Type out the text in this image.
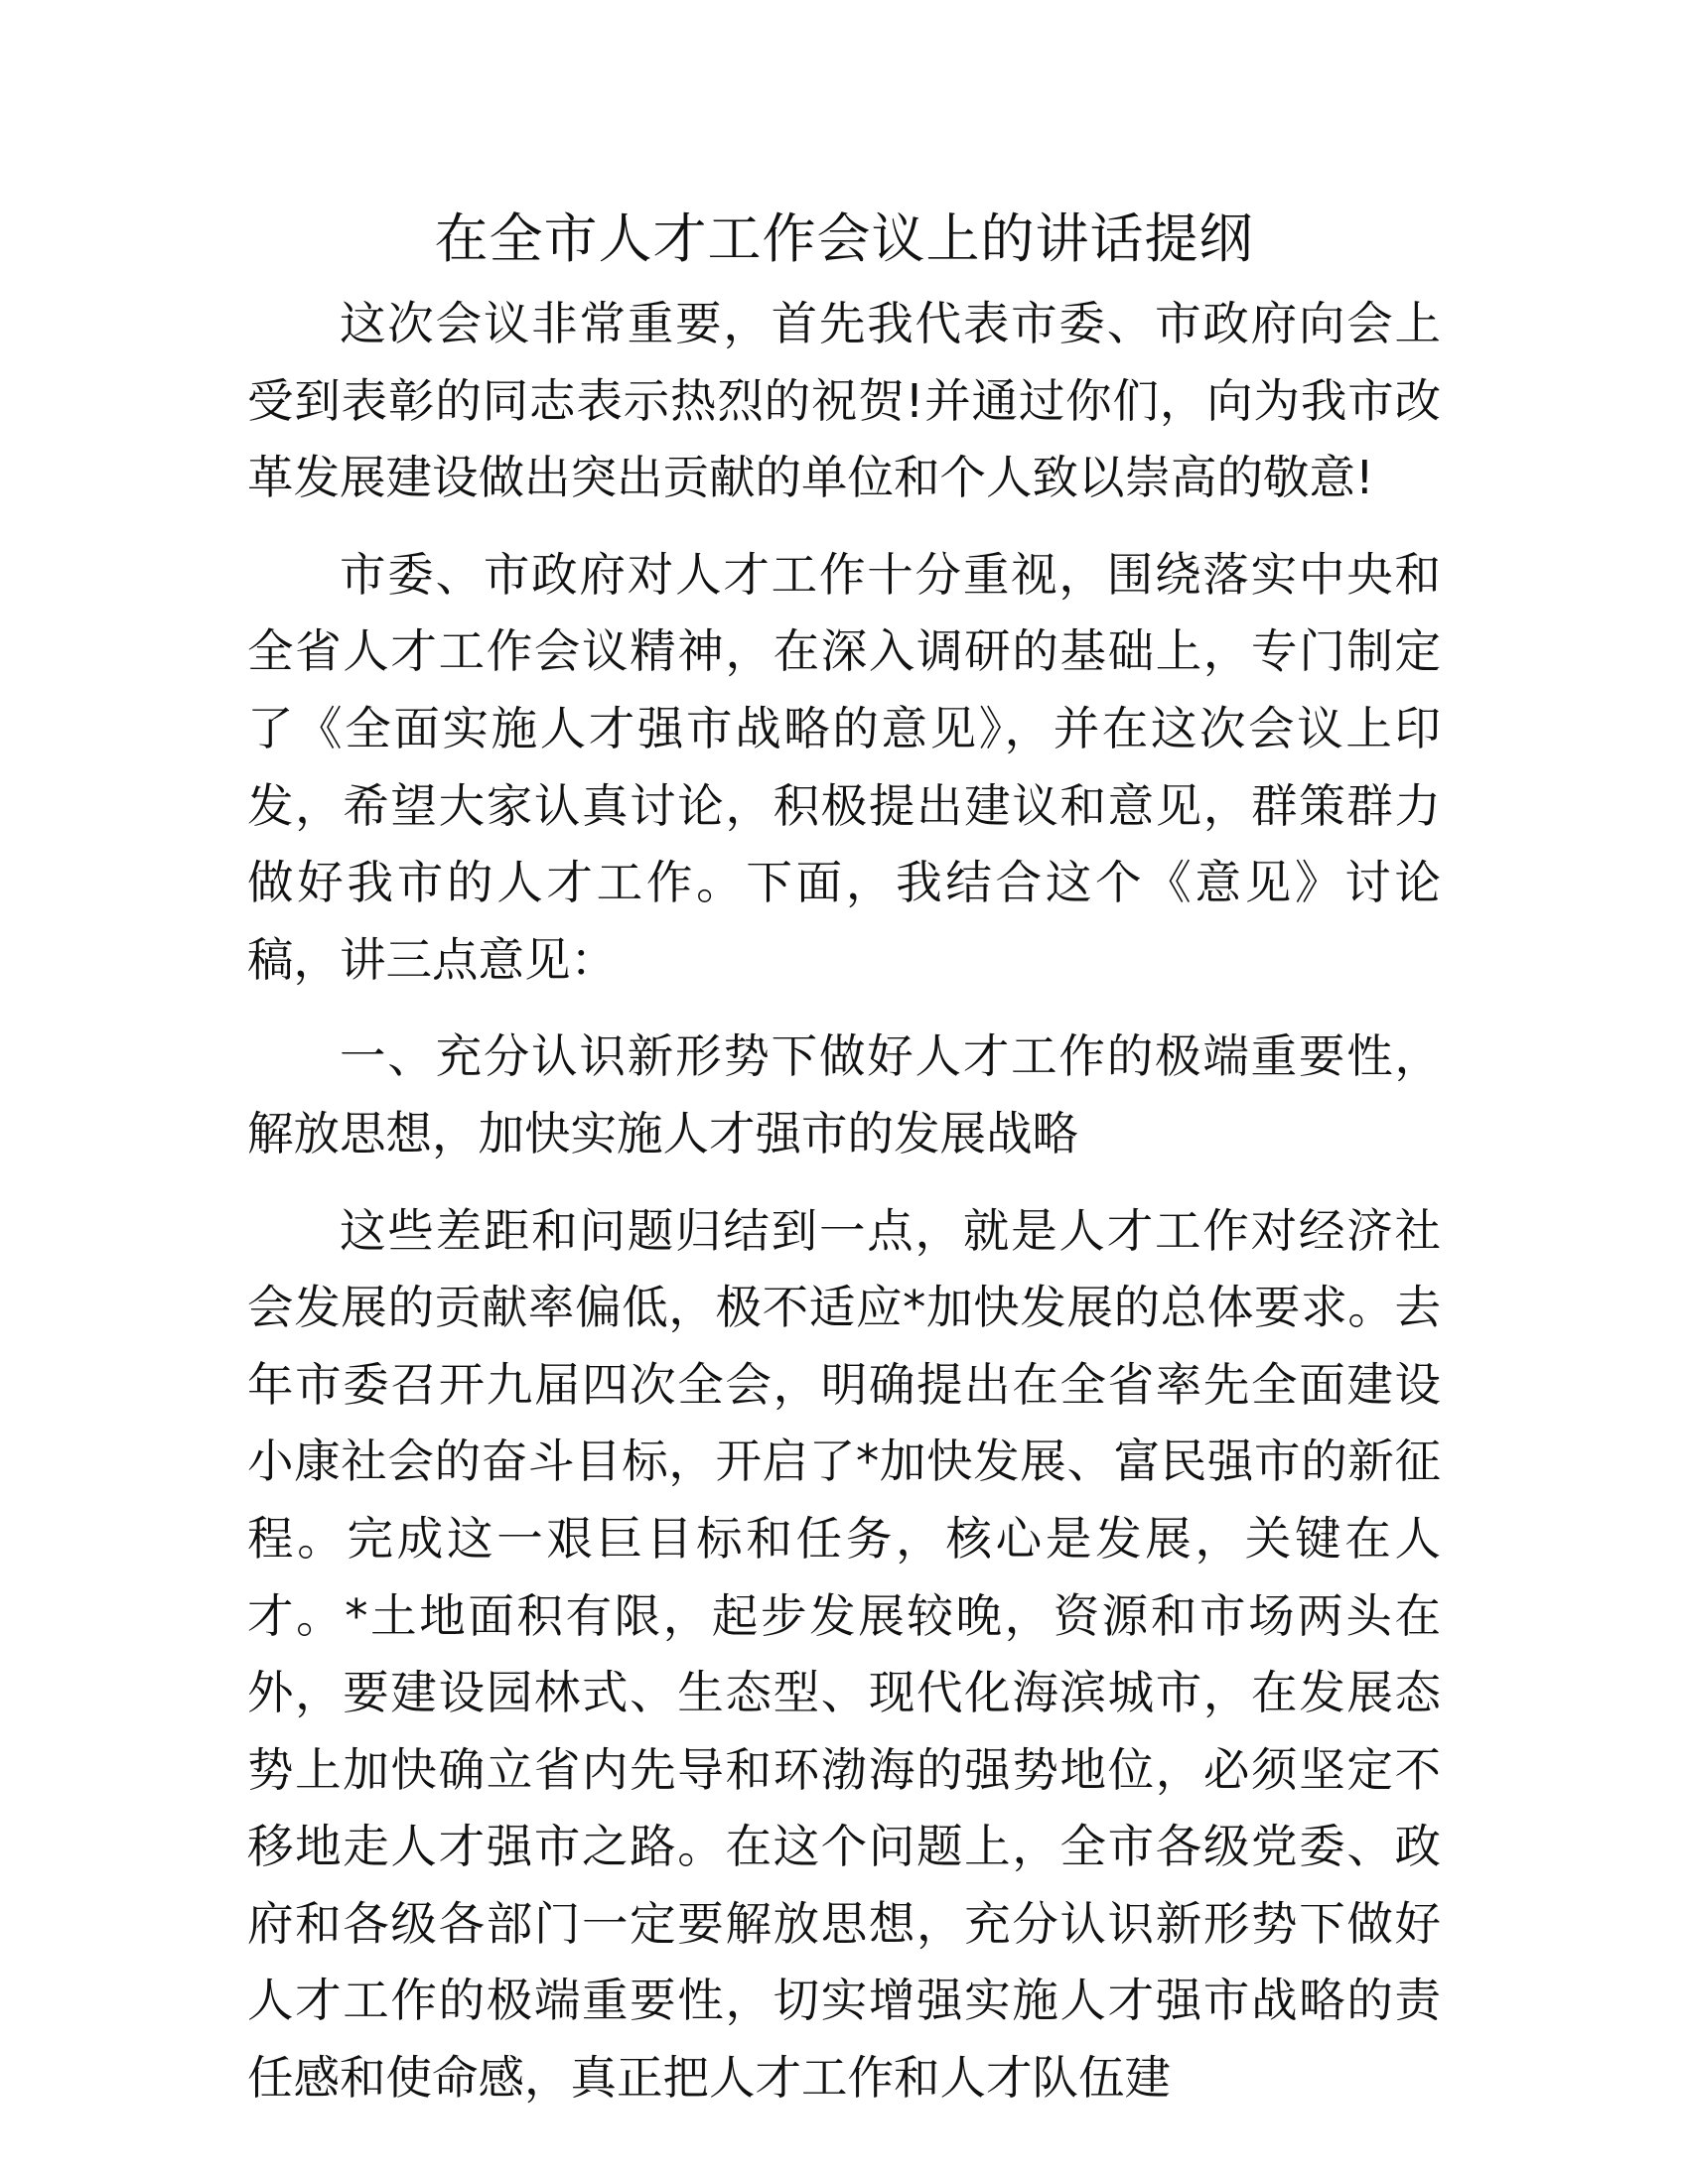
在全市人才工作会议上的讲话提纲

这次会议非常重要，首先我代表市委、市政府向会上受到表彰的同志表示热烈的祝贺!并通过你们，向为我市改革发展建设做出突出贡献的单位和个人致以崇高的敬意!

市委、市政府对人才工作十分重视，围绕落实中央和全省人才工作会议精神，在深入调研的基础上，专门制定了《全面实施人才强市战略的意见》，并在这次会议上印发，希望大家认真讨论，积极提出建议和意见，群策群力做好我市的人才工作。下面，我结合这个《意见》讨论稿，讲三点意见：

一、充分认识新形势下做好人才工作的极端重要性，解放思想，加快实施人才强市的发展战略

这些差距和问题归结到一点，就是人才工作对经济社会发展的贡献率偏低，极不适应*加快发展的总体要求。去年市委召开九届四次全会，明确提出在全省率先全面建设小康社会的奋斗目标，开启了*加快发展、富民强市的新征程。完成这一艰巨目标和任务，核心是发展，关键在人才。*土地面积有限，起步发展较晚，资源和市场两头在外，要建设园林式、生态型、现代化海滨城市，在发展态势上加快确立省内先导和环渤海的强势地位，必须坚定不移地走人才强市之路。在这个问题上，全市各级党委、政府和各级各部门一定要解放思想，充分认识新形势下做好人才工作的极端重要性，切实增强实施人才强市战略的责任感和使命感，真正把人才工作和人才队伍建
